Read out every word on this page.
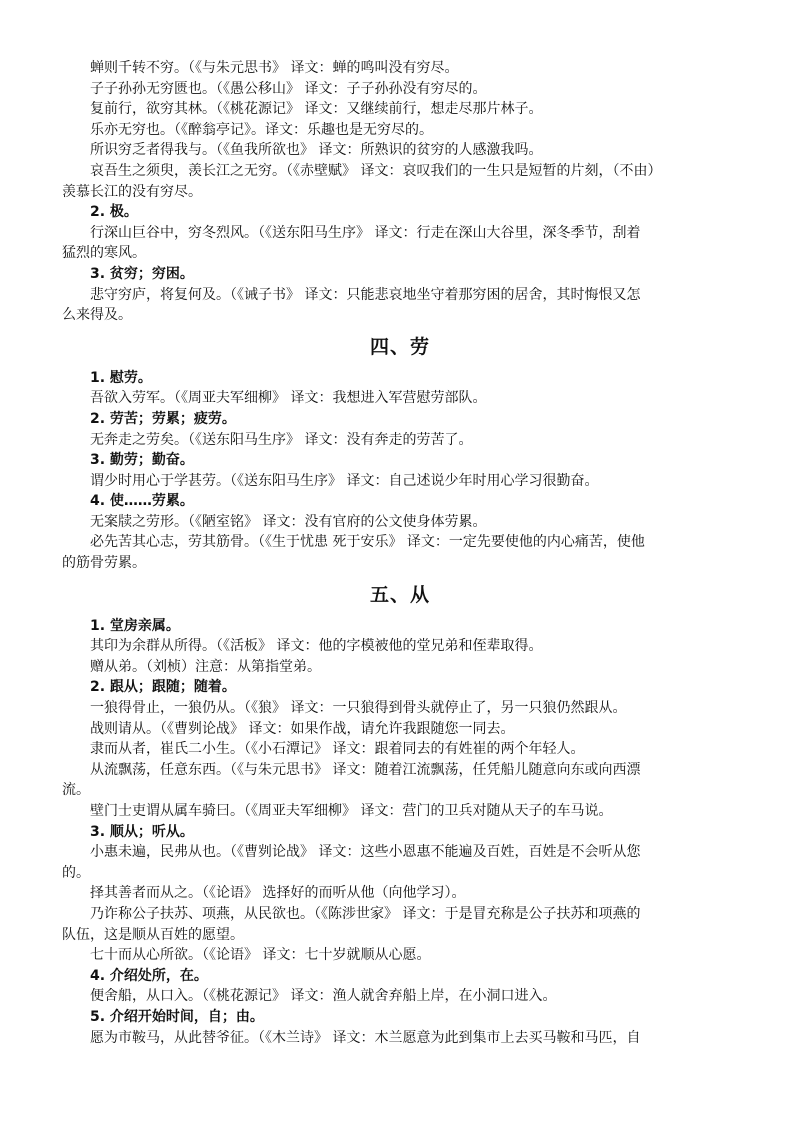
蝉则千转不穷。（《与朱元思书》 译文：蝉的鸣叫没有穷尽。
子子孙孙无穷匮也。（《愚公移山》 译文：子子孙孙没有穷尽的。
复前行，欲穷其林。（《桃花源记》 译文：又继续前行，想走尽那片林子。
乐亦无穷也。（《醉翁亭记》。译文：乐趣也是无穷尽的。
所识穷乏者得我与。（《鱼我所欲也》 译文：所熟识的贫穷的人感激我吗。
哀吾生之须臾，羡长江之无穷。（《赤壁赋》 译文：哀叹我们的一生只是短暂的片刻，（不由）
羡慕长江的没有穷尽。
2. 极。
行深山巨谷中，穷冬烈风。（《送东阳马生序》 译文：行走在深山大谷里，深冬季节，刮着
猛烈的寒风。
3. 贫穷；穷困。
悲守穷庐，将复何及。（《诫子书》 译文：只能悲哀地坐守着那穷困的居舍，其时悔恨又怎
么来得及。
四、劳
1. 慰劳。
吾欲入劳军。（《周亚夫军细柳》 译文：我想进入军营慰劳部队。
2. 劳苦；劳累；疲劳。
无奔走之劳矣。（《送东阳马生序》 译文：没有奔走的劳苦了。
3. 勤劳；勤奋。
谓少时用心于学甚劳。（《送东阳马生序》 译文：自己述说少年时用心学习很勤奋。
4. 使……劳累。
无案牍之劳形。（《陋室铭》 译文：没有官府的公文使身体劳累。
必先苦其心志，劳其筋骨。（《生于忧患 死于安乐》 译文：一定先要使他的内心痛苦，使他
的筋骨劳累。
五、从
1. 堂房亲属。
其印为余群从所得。（《活板》 译文：他的字模被他的堂兄弟和侄辈取得。
赠从弟。（刘桢）注意：从第指堂弟。
2. 跟从；跟随；随着。
一狼得骨止，一狼仍从。（《狼》 译文：一只狼得到骨头就停止了，另一只狼仍然跟从。
战则请从。（《曹刿论战》 译文：如果作战，请允许我跟随您一同去。
隶而从者，崔氏二小生。（《小石潭记》 译文：跟着同去的有姓崔的两个年轻人。
从流飘荡，任意东西。（《与朱元思书》 译文：随着江流飘荡，任凭船儿随意向东或向西漂
流。
壁门士吏谓从属车骑曰。（《周亚夫军细柳》 译文：营门的卫兵对随从天子的车马说。
3. 顺从；听从。
小惠未遍，民弗从也。（《曹刿论战》 译文：这些小恩惠不能遍及百姓，百姓是不会听从您
的。
择其善者而从之。（《论语》 选择好的而听从他（向他学习）。
乃诈称公子扶苏、项燕，从民欲也。（《陈涉世家》 译文：于是冒充称是公子扶苏和项燕的
队伍，这是顺从百姓的愿望。
七十而从心所欲。（《论语》 译文：七十岁就顺从心愿。
4. 介绍处所，在。
便舍船，从口入。（《桃花源记》 译文：渔人就舍弃船上岸，在小洞口进入。
5. 介绍开始时间，自；由。
愿为市鞍马，从此替爷征。（《木兰诗》 译文：木兰愿意为此到集市上去买马鞍和马匹，自
